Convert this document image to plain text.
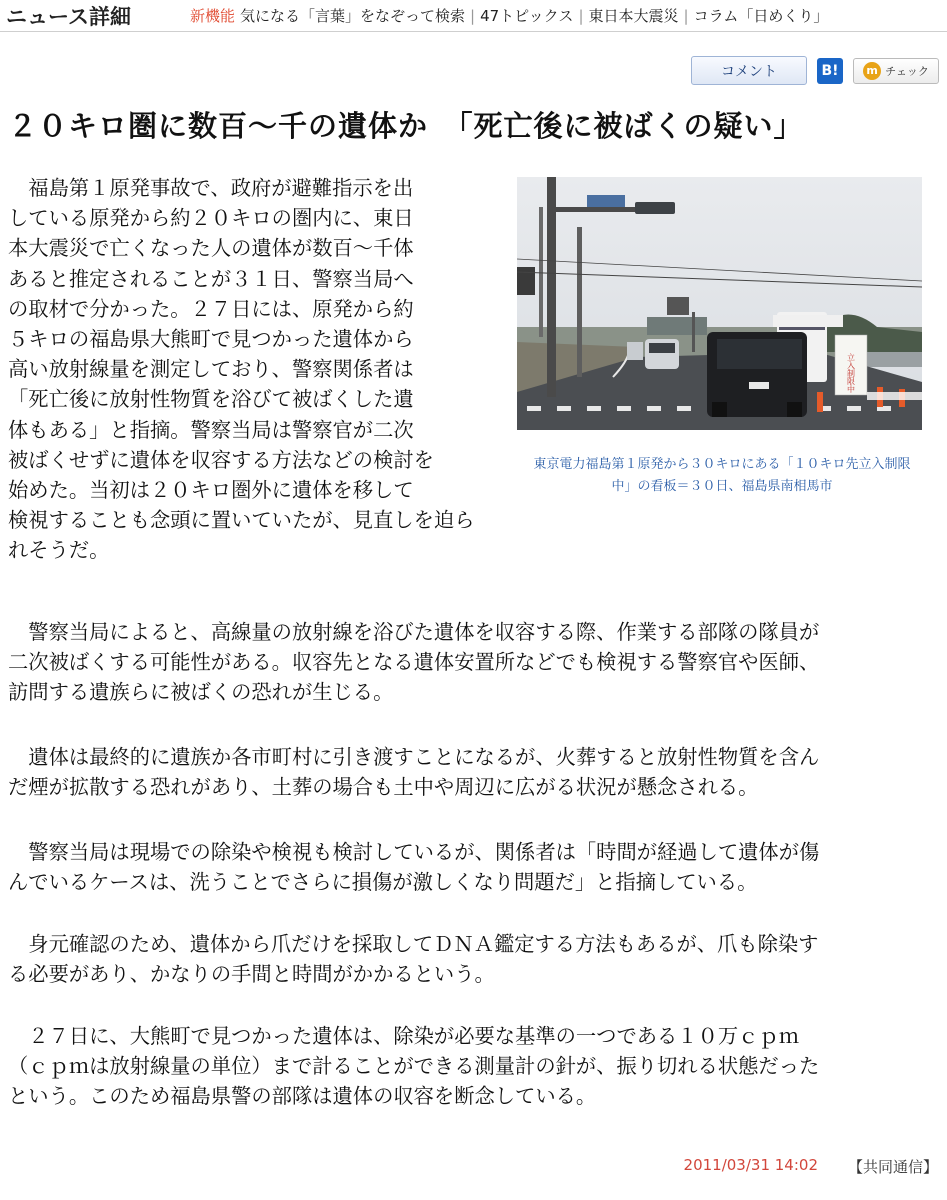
ニュース詳細	新機能 気になる「言葉」をなぞって検索 | 47トピックス | 東日本大震災 | コラム「日めくり」
コメント	B!	m チェック
２０キロ圏に数百〜千の遺体か　「死亡後に被ばくの疑い」
　福島第１原発事故で、政府が避難指示を出
している原発から約２０キロの圏内に、東日
本大震災で亡くなった人の遺体が数百〜千体
あると推定されることが３１日、警察当局へ
の取材で分かった。２７日には、原発から約
５キロの福島県大熊町で見つかった遺体から
高い放射線量を測定しており、警察関係者は
「死亡後に放射性物質を浴びて被ばくした遺
体もある」と指摘。警察当局は警察官が二次
被ばくせずに遺体を収容する方法などの検討を
始めた。当初は２０キロ圏外に遺体を移して
検視することも念頭に置いていたが、見直しを迫られそうだ。
立入制限中
東京電力福島第１原発から３０キロにある「１０キロ先立入制限
中」の看板＝３０日、福島県南相馬市

　警察当局によると、高線量の放射線を浴びた遺体を収容する際、作業する部隊の隊員が
二次被ばくする可能性がある。収容先となる遺体安置所などでも検視する警察官や医師、
訪問する遺族らに被ばくの恐れが生じる。

　遺体は最終的に遺族か各市町村に引き渡すことになるが、火葬すると放射性物質を含ん
だ煙が拡散する恐れがあり、土葬の場合も土中や周辺に広がる状況が懸念される。

　警察当局は現場での除染や検視も検討しているが、関係者は「時間が経過して遺体が傷
んでいるケースは、洗うことでさらに損傷が激しくなり問題だ」と指摘している。

　身元確認のため、遺体から爪だけを採取してＤＮＡ鑑定する方法もあるが、爪も除染す
る必要があり、かなりの手間と時間がかかるという。

　２７日に、大熊町で見つかった遺体は、除染が必要な基準の一つである１０万ｃｐｍ
（ｃｐｍは放射線量の単位）まで計ることができる測量計の針が、振り切れる状態だった
という。このため福島県警の部隊は遺体の収容を断念している。

2011/03/31 14:02 【共同通信】
